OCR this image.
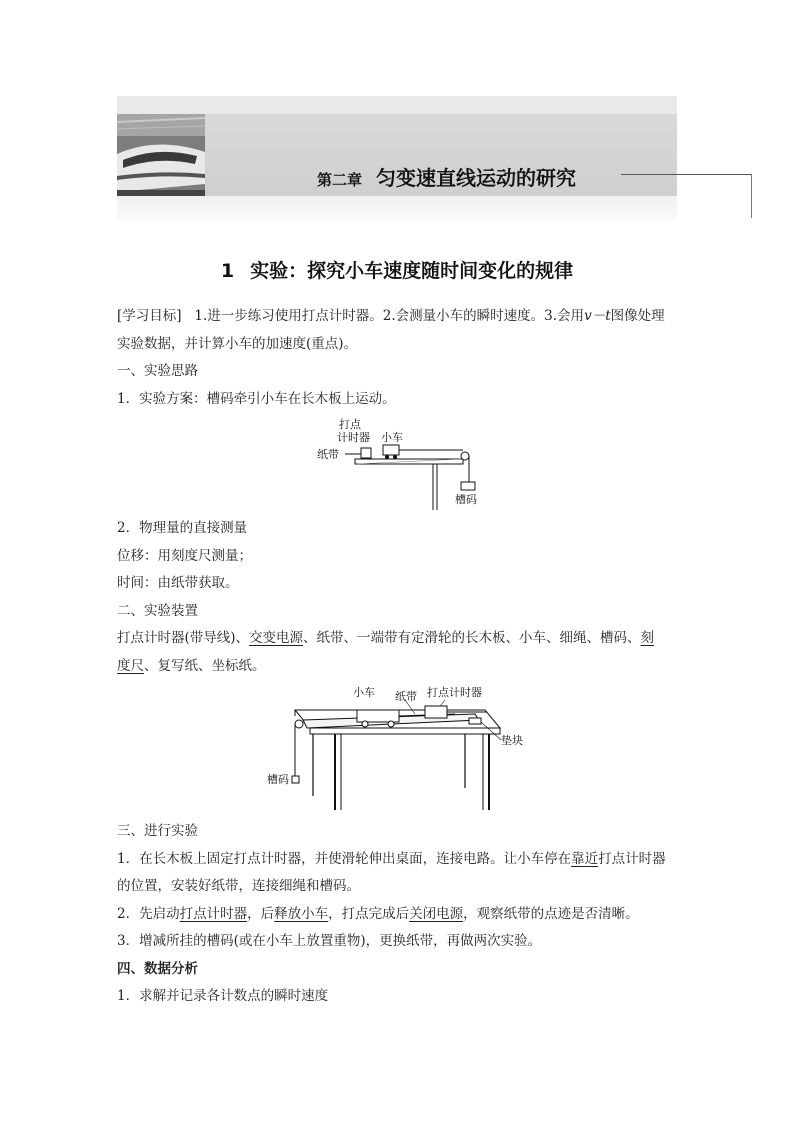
第二章 匀变速直线运动的研究
1 实验：探究小车速度随时间变化的规律
[学习目标] 1.进一步练习使用打点计时器。2.会测量小车的瞬时速度。3.会用v－t图像处理
实验数据，并计算小车的加速度(重点)。
一、实验思路
1．实验方案：槽码牵引小车在长木板上运动。
打点
计时器 小车
纸带
槽码
2．物理量的直接测量
位移：用刻度尺测量；
时间：由纸带获取。
二、实验装置
打点计时器(带导线)、交变电源、纸带、一端带有定滑轮的长木板、小车、细绳、槽码、刻
度尺、复写纸、坐标纸。
小车 纸带 打点计时器
垫块
槽码
三、进行实验
1．在长木板上固定打点计时器，并使滑轮伸出桌面，连接电路。让小车停在靠近打点计时器
的位置，安装好纸带，连接细绳和槽码。
2．先启动打点计时器，后释放小车，打点完成后关闭电源，观察纸带的点迹是否清晰。
3．增减所挂的槽码(或在小车上放置重物)，更换纸带，再做两次实验。
四、数据分析
1．求解并记录各计数点的瞬时速度
